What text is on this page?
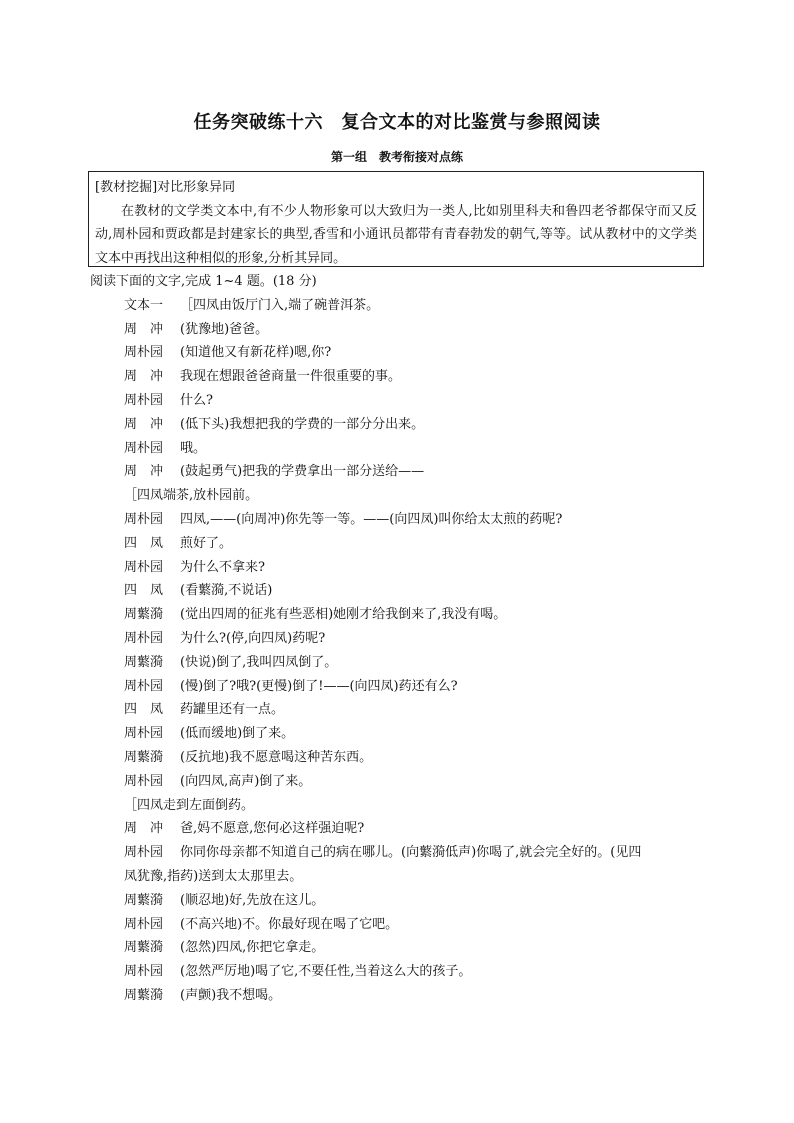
任务突破练十六　复合文本的对比鉴赏与参照阅读
第一组　教考衔接对点练
[教材挖掘]对比形象异同
在教材的文学类文本中,有不少人物形象可以大致归为一类人,比如别里科夫和鲁四老爷都保守而又反动,周朴园和贾政都是封建家长的典型,香雪和小通讯员都带有青春勃发的朝气,等等。试从教材中的文学类文本中再找出这种相似的形象,分析其异同。
阅读下面的文字,完成 1~4 题。(18 分)
文本一	［四凤由饭厅门入,端了碗普洱茶。
周　冲	(犹豫地)爸爸。
周朴园	(知道他又有新花样)嗯,你?
周　冲	我现在想跟爸爸商量一件很重要的事。
周朴园	什么?
周　冲	(低下头)我想把我的学费的一部分分出来。
周朴园	哦。
周　冲	(鼓起勇气)把我的学费拿出一部分送给——
［四凤端茶,放朴园前。
周朴园	四凤,——(向周冲)你先等一等。——(向四凤)叫你给太太煎的药呢?
四　凤	煎好了。
周朴园	为什么不拿来?
四　凤	(看蘩漪,不说话)
周蘩漪	(觉出四周的征兆有些恶相)她刚才给我倒来了,我没有喝。
周朴园	为什么?(停,向四凤)药呢?
周蘩漪	(快说)倒了,我叫四凤倒了。
周朴园	(慢)倒了?哦?(更慢)倒了!——(向四凤)药还有么?
四　凤	药罐里还有一点。
周朴园	(低而缓地)倒了来。
周蘩漪	(反抗地)我不愿意喝这种苦东西。
周朴园	(向四凤,高声)倒了来。
［四凤走到左面倒药。
周　冲	爸,妈不愿意,您何必这样强迫呢?
周朴园	你同你母亲都不知道自己的病在哪儿。(向蘩漪低声)你喝了,就会完全好的。(见四
凤犹豫,指药)送到太太那里去。
周蘩漪	(顺忍地)好,先放在这儿。
周朴园	(不高兴地)不。你最好现在喝了它吧。
周蘩漪	(忽然)四凤,你把它拿走。
周朴园	(忽然严厉地)喝了它,不要任性,当着这么大的孩子。
周蘩漪	(声颤)我不想喝。
